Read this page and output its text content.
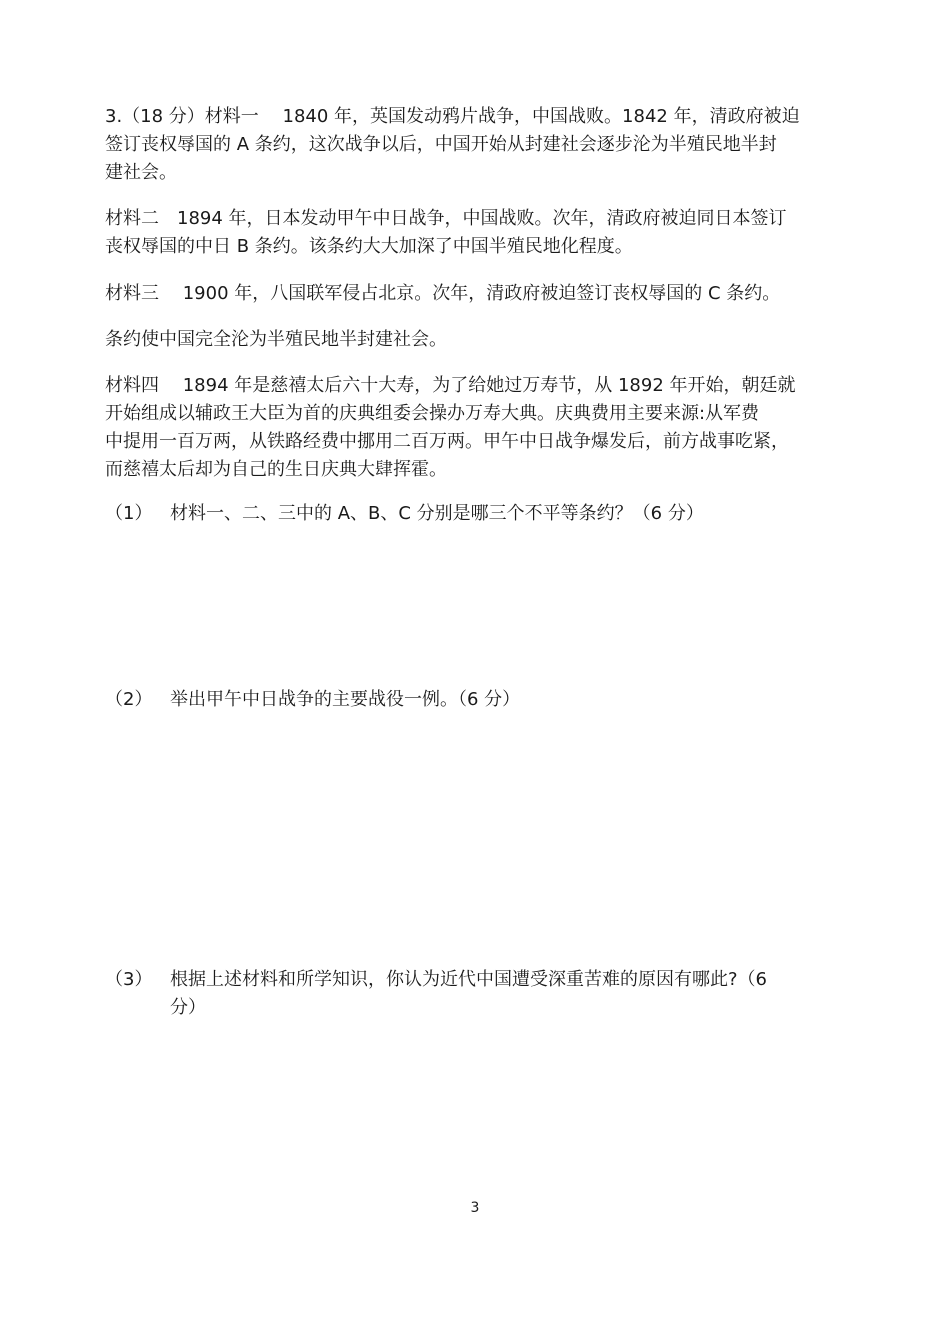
3.（18 分）材料一　 1840 年，英国发动鸦片战争，中国战败。1842 年，清政府被迫
签订丧权辱国的 A 条约，这次战争以后，中国开始从封建社会逐步沦为半殖民地半封
建社会。
材料二　1894 年，日本发动甲午中日战争，中国战败。次年，清政府被迫同日本签订
丧权辱国的中日 B 条约。该条约大大加深了中国半殖民地化程度。
材料三　 1900 年，八国联军侵占北京。次年，清政府被迫签订丧权辱国的 C 条约。
条约使中国完全沦为半殖民地半封建社会。
材料四　 1894 年是慈禧太后六十大寿，为了给她过万寿节，从 1892 年开始，朝廷就
开始组成以辅政王大臣为首的庆典组委会操办万寿大典。庆典费用主要来源:从军费
中提用一百万两，从铁路经费中挪用二百万两。甲午中日战争爆发后，前方战事吃紧，
而慈禧太后却为自己的生日庆典大肆挥霍。
（1） 材料一、二、三中的 A、B、C 分别是哪三个不平等条约？（6 分）
（2） 举出甲午中日战争的主要战役一例。（6 分）
（3） 根据上述材料和所学知识，你认为近代中国遭受深重苦难的原因有哪此?（6
分）
3
